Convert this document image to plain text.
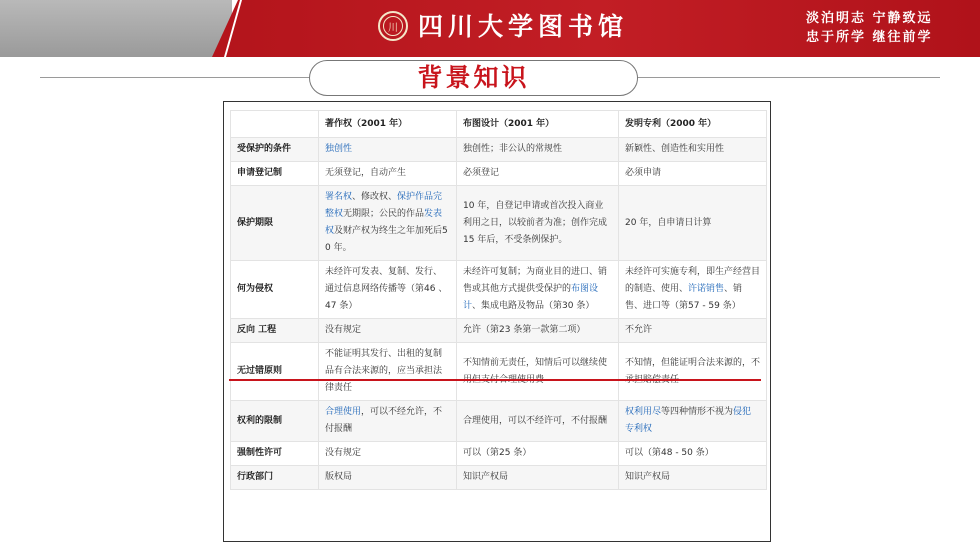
川 四川大学图书馆	淡泊明志 宁静致远
忠于所学 继往前学
背景知识
	著作权（2001 年）	布图设计（2001 年）	发明专利（2000 年）
受保护的条件	独创性	独创性；非公认的常规性	新颖性、创造性和实用性
申请登记制	无须登记，自动产生	必须登记	必须申请
保护期限	署名权、修改权、保护作品完整权无期限；公民的作品发表权及财产权为终生之年加死后50 年。	10 年，自登记申请或首次投入商业利用之日，以较前者为准；创作完成15 年后，不受条例保护。	20 年，自申请日计算
何为侵权	未经许可发表、复制、发行、通过信息网络传播等（第46 、47 条）	未经许可复制；为商业目的进口、销售或其他方式提供受保护的布图设计、集成电路及物品（第30 条）	未经许可实施专利，即生产经营目的制造、使用、许诺销售、销售、进口等（第57 - 59 条）
反向 工程	没有规定	允许（第23 条第一款第二项）	不允许
无过错原则	不能证明其发行、出租的复制品有合法来源的，应当承担法律责任	不知情前无责任，知情后可以继续使	不知情，但能证明合法来源的，不
权利的限制	合理使用，可以不经允许，不付报酬	合理使用，可以不经许可，不付报酬	权利用尽等四种情形不视为侵犯专利权
强制性许可	没有规定	可以（第25 条）	可以（第48 - 50 条）
行政部门	版权局	知识产权局	知识产权局
